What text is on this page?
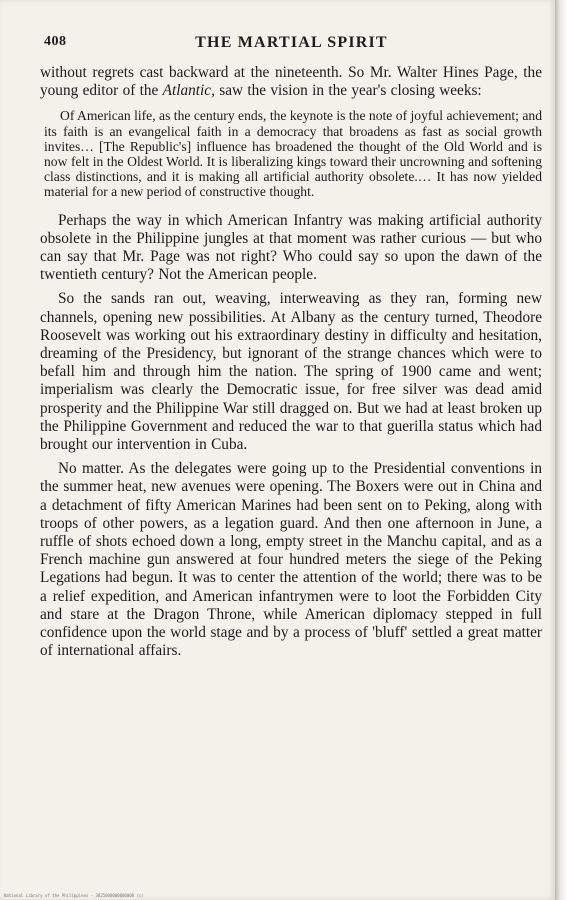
408	THE MARTIAL SPIRIT

without regrets cast backward at the nineteenth. So Mr. Walter Hines Page, the young editor of the Atlantic, saw the vision in the year's closing weeks:

Of American life, as the century ends, the keynote is the note of joyful achievement; and its faith is an evangelical faith in a democracy that broadens as fast as social growth invites… [The Republic's] influence has broadened the thought of the Old World and is now felt in the Oldest World. It is liberalizing kings toward their uncrowning and softening class distinctions, and it is making all artificial authority obsolete.… It has now yielded material for a new period of constructive thought.

Perhaps the way in which American Infantry was making artificial authority obsolete in the Philippine jungles at that moment was rather curious — but who can say that Mr. Page was not right? Who could say so upon the dawn of the twentieth century? Not the American people.

So the sands ran out, weaving, interweaving as they ran, forming new channels, opening new possibilities. At Albany as the century turned, Theodore Roosevelt was working out his extraordinary destiny in difficulty and hesitation, dreaming of the Presidency, but ignorant of the strange chances which were to befall him and through him the nation. The spring of 1900 came and went; imperialism was clearly the Democratic issue, for free silver was dead amid prosperity and the Philippine War still dragged on. But we had at least broken up the Philippine Government and reduced the war to that guerilla status which had brought our intervention in Cuba.

No matter. As the delegates were going up to the Presidential conventions in the summer heat, new avenues were opening. The Boxers were out in China and a detachment of fifty American Marines had been sent on to Peking, along with troops of other powers, as a legation guard. And then one afternoon in June, a ruffle of shots echoed down a long, empty street in the Manchu capital, and as a French machine gun answered at four hundred meters the siege of the Peking Legations had begun. It was to center the attention of the world; there was to be a relief expedition, and American infantrymen were to loot the Forbidden City and stare at the Dragon Throne, while American diplomacy stepped in full confidence upon the world stage and by a process of 'bluff' settled a great matter of international affairs.

National Library of the Philippines · 3025000000000000 (c)
